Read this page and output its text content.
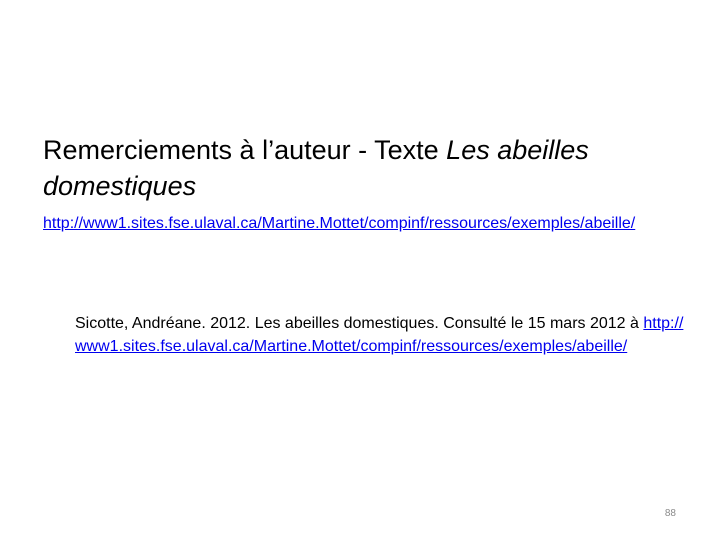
Remerciements à l’auteur - Texte Les abeilles domestiques
http://www1.sites.fse.ulaval.ca/Martine.Mottet/compinf/ressources/exemples/abeille/
Sicotte, Andréane. 2012. Les abeilles domestiques. Consulté le 15 mars 2012 à http://www1.sites.fse.ulaval.ca/Martine.Mottet/compinf/ressources/exemples/abeille/
88
